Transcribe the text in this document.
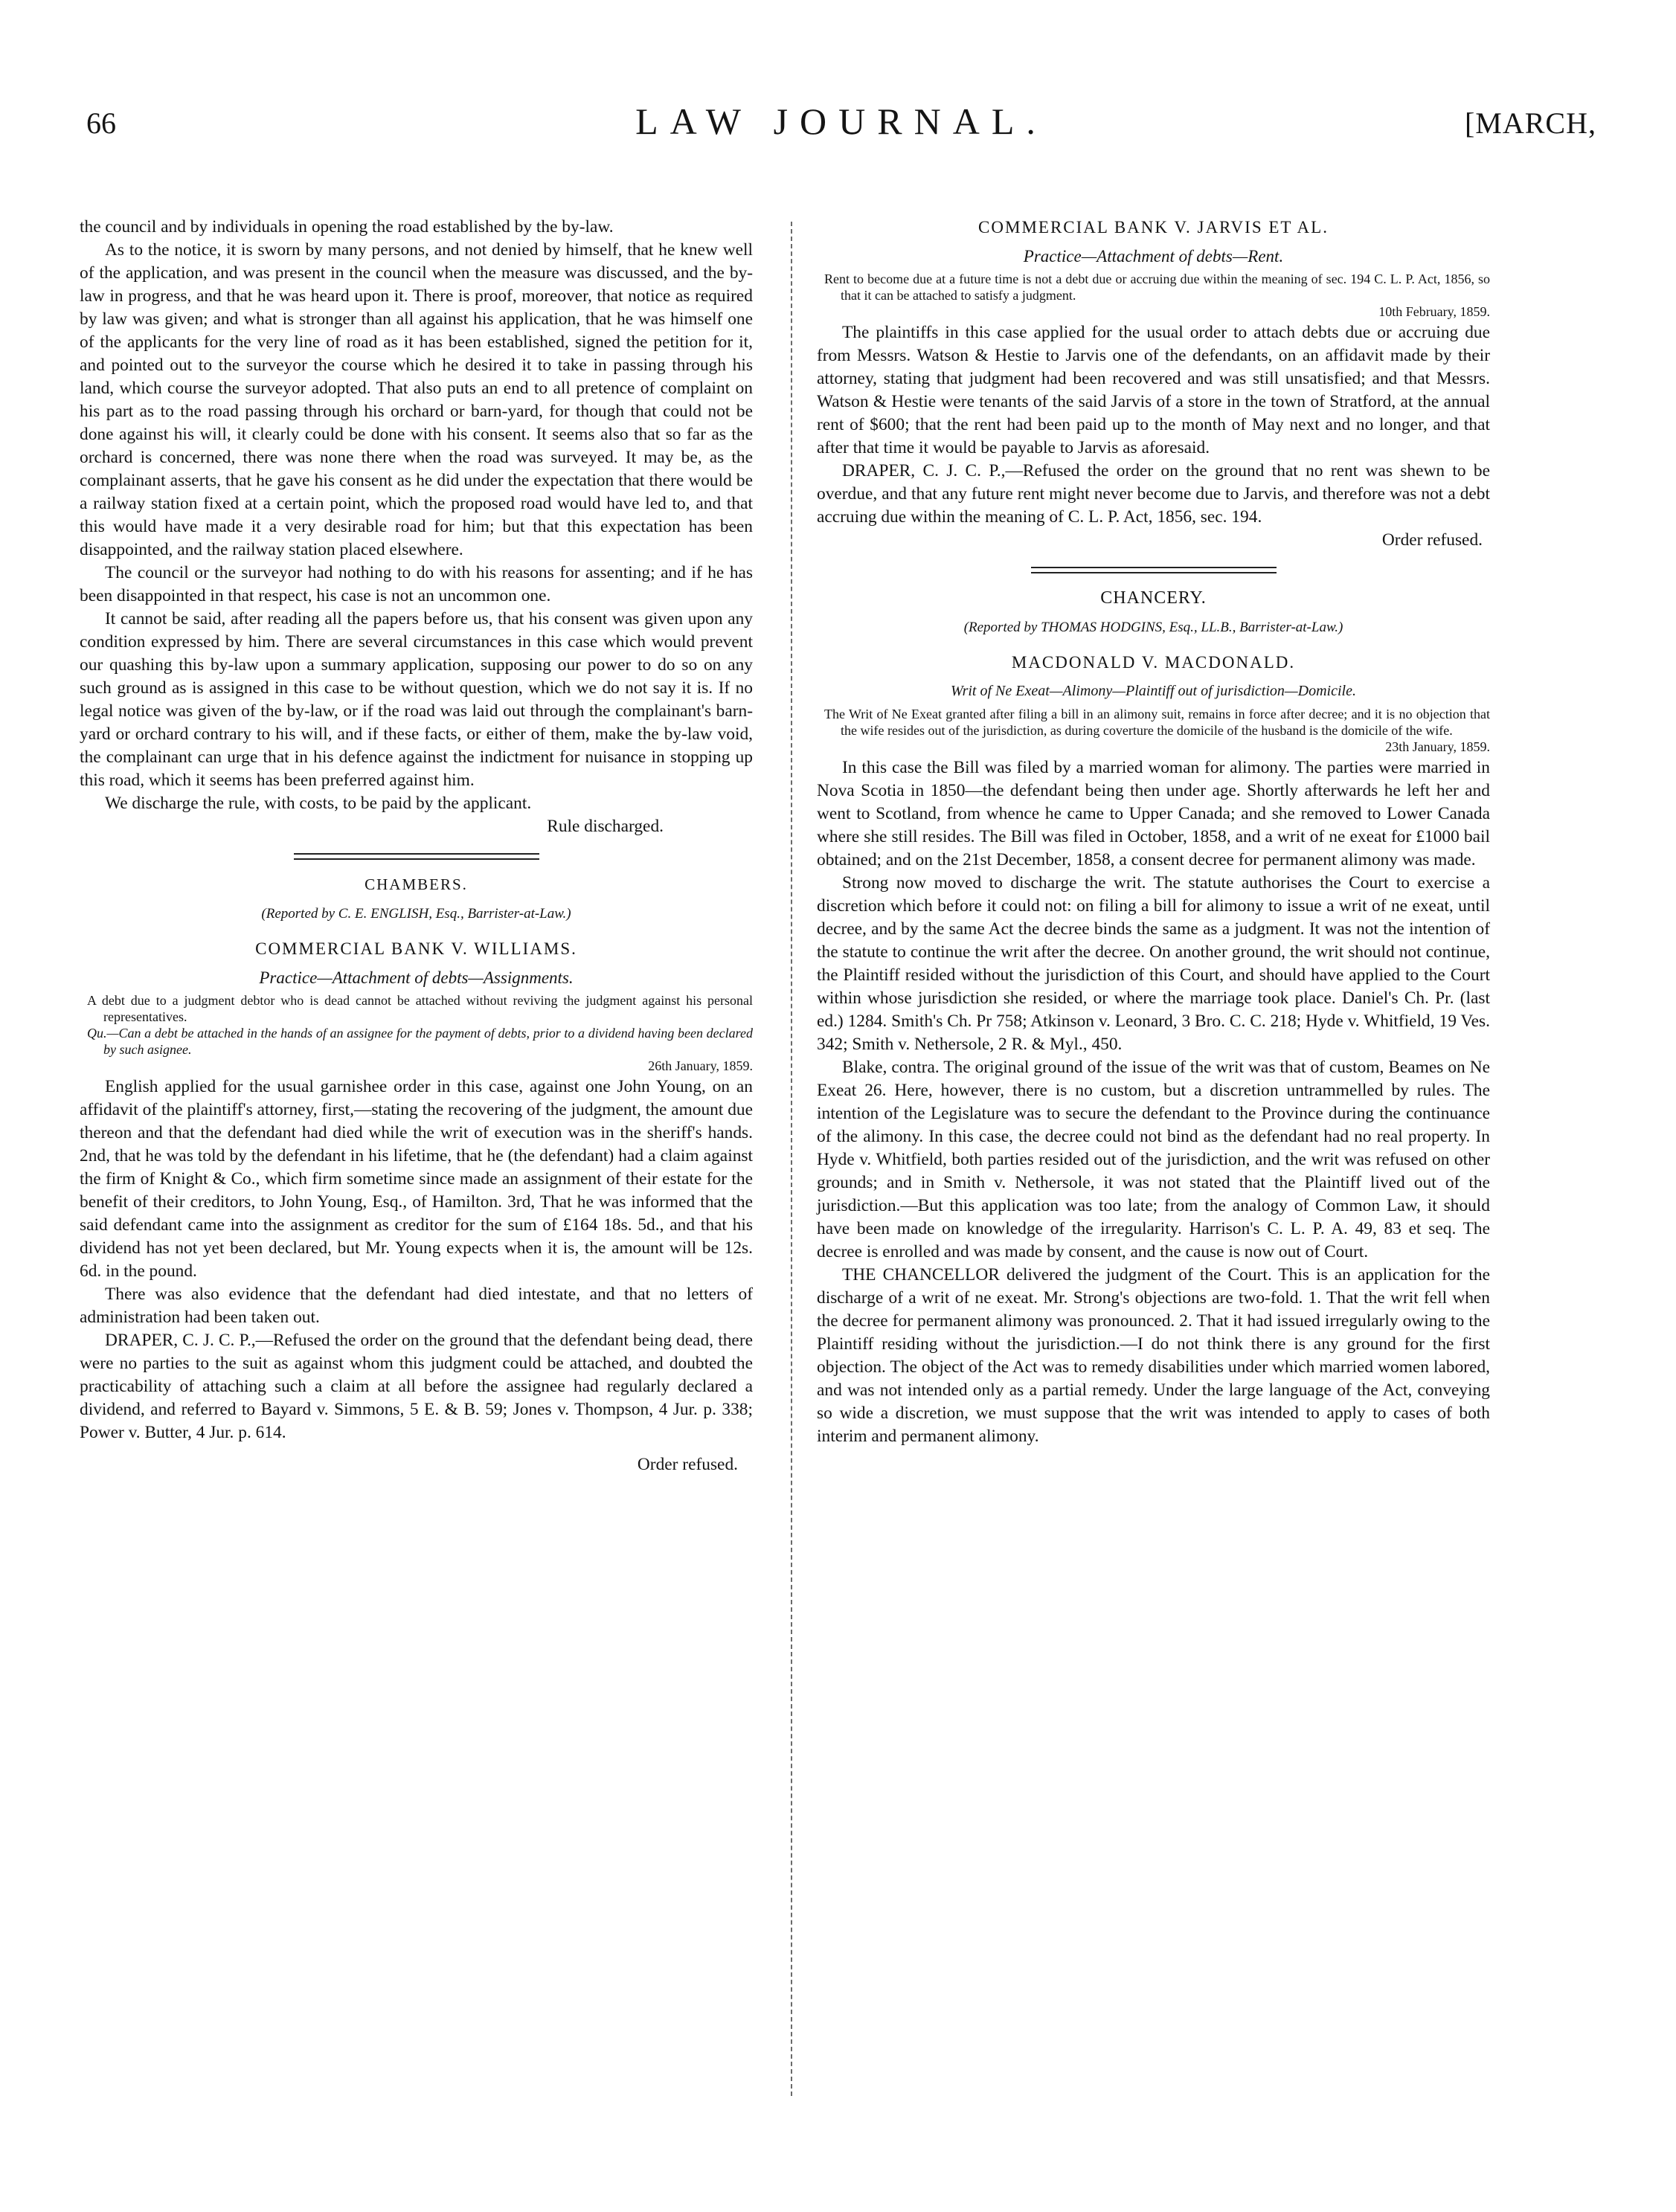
66	LAW JOURNAL.	[MARCH,

the council and by individuals in opening the road established by the by-law.

As to the notice, it is sworn by many persons, and not denied by himself, that he knew well of the application, and was present in the council when the measure was discussed, and the by-law in progress, and that he was heard upon it. There is proof, moreover, that notice as required by law was given; and what is stronger than all against his application, that he was himself one of the applicants for the very line of road as it has been established, signed the petition for it, and pointed out to the surveyor the course which he desired it to take in passing through his land, which course the surveyor adopted. That also puts an end to all pretence of complaint on his part as to the road passing through his orchard or barn-yard, for though that could not be done against his will, it clearly could be done with his consent. It seems also that so far as the orchard is concerned, there was none there when the road was surveyed. It may be, as the complainant asserts, that he gave his consent as he did under the expectation that there would be a railway station fixed at a certain point, which the proposed road would have led to, and that this would have made it a very desirable road for him; but that this expectation has been disappointed, and the railway station placed elsewhere.

The council or the surveyor had nothing to do with his reasons for assenting; and if he has been disappointed in that respect, his case is not an uncommon one.

It cannot be said, after reading all the papers before us, that his consent was given upon any condition expressed by him. There are several circumstances in this case which would prevent our quashing this by-law upon a summary application, supposing our power to do so on any such ground as is assigned in this case to be without question, which we do not say it is. If no legal notice was given of the by-law, or if the road was laid out through the complainant's barn-yard or orchard contrary to his will, and if these facts, or either of them, make the by-law void, the complainant can urge that in his defence against the indictment for nuisance in stopping up this road, which it seems has been preferred against him.

We discharge the rule, with costs, to be paid by the applicant.

Rule discharged.
CHAMBERS.
(Reported by C. E. ENGLISH, Esq., Barrister-at-Law.)
COMMERCIAL BANK V. WILLIAMS.
Practice—Attachment of debts—Assignments.
A debt due to a judgment debtor who is dead cannot be attached without reviving the judgment against his personal representatives.
Qu.—Can a debt be attached in the hands of an assignee for the payment of debts, prior to a dividend having been declared by such asignee.
26th January, 1859.

English applied for the usual garnishee order in this case, against one John Young, on an affidavit of the plaintiff's attorney, first,—stating the recovering of the judgment, the amount due thereon and that the defendant had died while the writ of execution was in the sheriff's hands. 2nd, that he was told by the defendant in his lifetime, that he (the defendant) had a claim against the firm of Knight & Co., which firm sometime since made an assignment of their estate for the benefit of their creditors, to John Young, Esq., of Hamilton. 3rd, That he was informed that the said defendant came into the assignment as creditor for the sum of £164 18s. 5d., and that his dividend has not yet been declared, but Mr. Young expects when it is, the amount will be 12s. 6d. in the pound.

There was also evidence that the defendant had died intestate, and that no letters of administration had been taken out.

DRAPER, C. J. C. P.,—Refused the order on the ground that the defendant being dead, there were no parties to the suit as against whom this judgment could be attached, and doubted the practicability of attaching such a claim at all before the assignee had regularly declared a dividend, and referred to Bayard v. Simmons, 5 E. & B. 59; Jones v. Thompson, 4 Jur. p. 338; Power v. Butter, 4 Jur. p. 614.

Order refused.
COMMERCIAL BANK V. JARVIS ET AL.
Practice—Attachment of debts—Rent.
Rent to become due at a future time is not a debt due or accruing due within the meaning of sec. 194 C. L. P. Act, 1856, so that it can be attached to satisfy a judgment.
10th February, 1859.

The plaintiffs in this case applied for the usual order to attach debts due or accruing due from Messrs. Watson & Hestie to Jarvis one of the defendants, on an affidavit made by their attorney, stating that judgment had been recovered and was still unsatisfied; and that Messrs. Watson & Hestie were tenants of the said Jarvis of a store in the town of Stratford, at the annual rent of $600; that the rent had been paid up to the month of May next and no longer, and that after that time it would be payable to Jarvis as aforesaid.

DRAPER, C. J. C. P.,—Refused the order on the ground that no rent was shewn to be overdue, and that any future rent might never become due to Jarvis, and therefore was not a debt accruing due within the meaning of C. L. P. Act, 1856, sec. 194.

Order refused.
CHANCERY.
(Reported by THOMAS HODGINS, Esq., LL.B., Barrister-at-Law.)
MACDONALD V. MACDONALD.
Writ of Ne Exeat—Alimony—Plaintiff out of jurisdiction—Domicile.
The Writ of Ne Exeat granted after filing a bill in an alimony suit, remains in force after decree; and it is no objection that the wife resides out of the jurisdiction, as during coverture the domicile of the husband is the domicile of the wife.
23th January, 1859.

In this case the Bill was filed by a married woman for alimony. The parties were married in Nova Scotia in 1850—the defendant being then under age. Shortly afterwards he left her and went to Scotland, from whence he came to Upper Canada; and she removed to Lower Canada where she still resides. The Bill was filed in October, 1858, and a writ of ne exeat for £1000 bail obtained; and on the 21st December, 1858, a consent decree for permanent alimony was made.

Strong now moved to discharge the writ. The statute authorises the Court to exercise a discretion which before it could not: on filing a bill for alimony to issue a writ of ne exeat, until decree, and by the same Act the decree binds the same as a judgment. It was not the intention of the statute to continue the writ after the decree. On another ground, the writ should not continue, the Plaintiff resided without the jurisdiction of this Court, and should have applied to the Court within whose jurisdiction she resided, or where the marriage took place. Daniel's Ch. Pr. (last ed.) 1284. Smith's Ch. Pr 758; Atkinson v. Leonard, 3 Bro. C. C. 218; Hyde v. Whitfield, 19 Ves. 342; Smith v. Nethersole, 2 R. & Myl., 450.

Blake, contra. The original ground of the issue of the writ was that of custom, Beames on Ne Exeat 26. Here, however, there is no custom, but a discretion untrammelled by rules. The intention of the Legislature was to secure the defendant to the Province during the continuance of the alimony. In this case, the decree could not bind as the defendant had no real property. In Hyde v. Whitfield, both parties resided out of the jurisdiction, and the writ was refused on other grounds; and in Smith v. Nethersole, it was not stated that the Plaintiff lived out of the jurisdiction.—But this application was too late; from the analogy of Common Law, it should have been made on knowledge of the irregularity. Harrison's C. L. P. A. 49, 83 et seq. The decree is enrolled and was made by consent, and the cause is now out of Court.

THE CHANCELLOR delivered the judgment of the Court. This is an application for the discharge of a writ of ne exeat. Mr. Strong's objections are two-fold. 1. That the writ fell when the decree for permanent alimony was pronounced. 2. That it had issued irregularly owing to the Plaintiff residing without the jurisdiction.—I do not think there is any ground for the first objection. The object of the Act was to remedy disabilities under which married women labored, and was not intended only as a partial remedy. Under the large language of the Act, conveying so wide a discretion, we must suppose that the writ was intended to apply to cases of both interim and permanent alimony.
